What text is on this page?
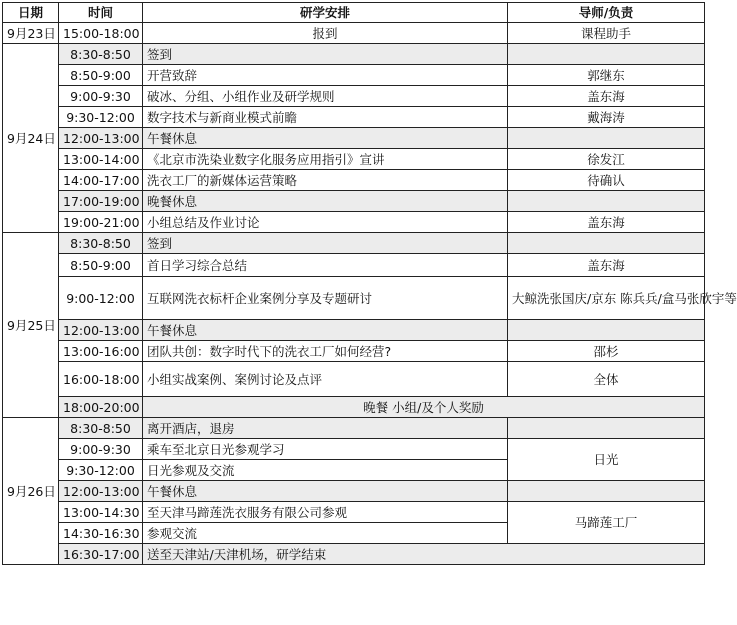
日期	时间	研学安排	导师/负责
9月23日	15:00-18:00	报到	课程助手
9月24日	8:30-8:50	签到	
	8:50-9:00	开营致辞	郭继东
	9:00-9:30	破冰、分组、小组作业及研学规则	盖东海
	9:30-12:00	数字技术与新商业模式前瞻	戴海涛
	12:00-13:00	午餐休息	
	13:00-14:00	《北京市洗染业数字化服务应用指引》宣讲	徐发江
	14:00-17:00	洗衣工厂的新媒体运营策略	待确认
	17:00-19:00	晚餐休息	
	19:00-21:00	小组总结及作业讨论	盖东海
9月25日	8:30-8:50	签到	
	8:50-9:00	首日学习综合总结	盖东海
	9:00-12:00	互联网洗衣标杆企业案例分享及专题研讨	大鲸洗张国庆/京东 陈兵兵/盒马张欣宇等
	12:00-13:00	午餐休息	
	13:00-16:00	团队共创：数字时代下的洗衣工厂如何经营?	邵杉
	16:00-18:00	小组实战案例、案例讨论及点评	全体
	18:00-20:00	晚餐 小组/及个人奖励	
9月26日	8:30-8:50	离开酒店，退房	
	9:00-9:30	乘车至北京日光参观学习	日光
	9:30-12:00	日光参观及交流	
	12:00-13:00	午餐休息	
	13:00-14:30	至天津马蹄莲洗衣服务有限公司参观	马蹄莲工厂
	14:30-16:30	参观交流	
	16:30-17:00	送至天津站/天津机场，研学结束	
